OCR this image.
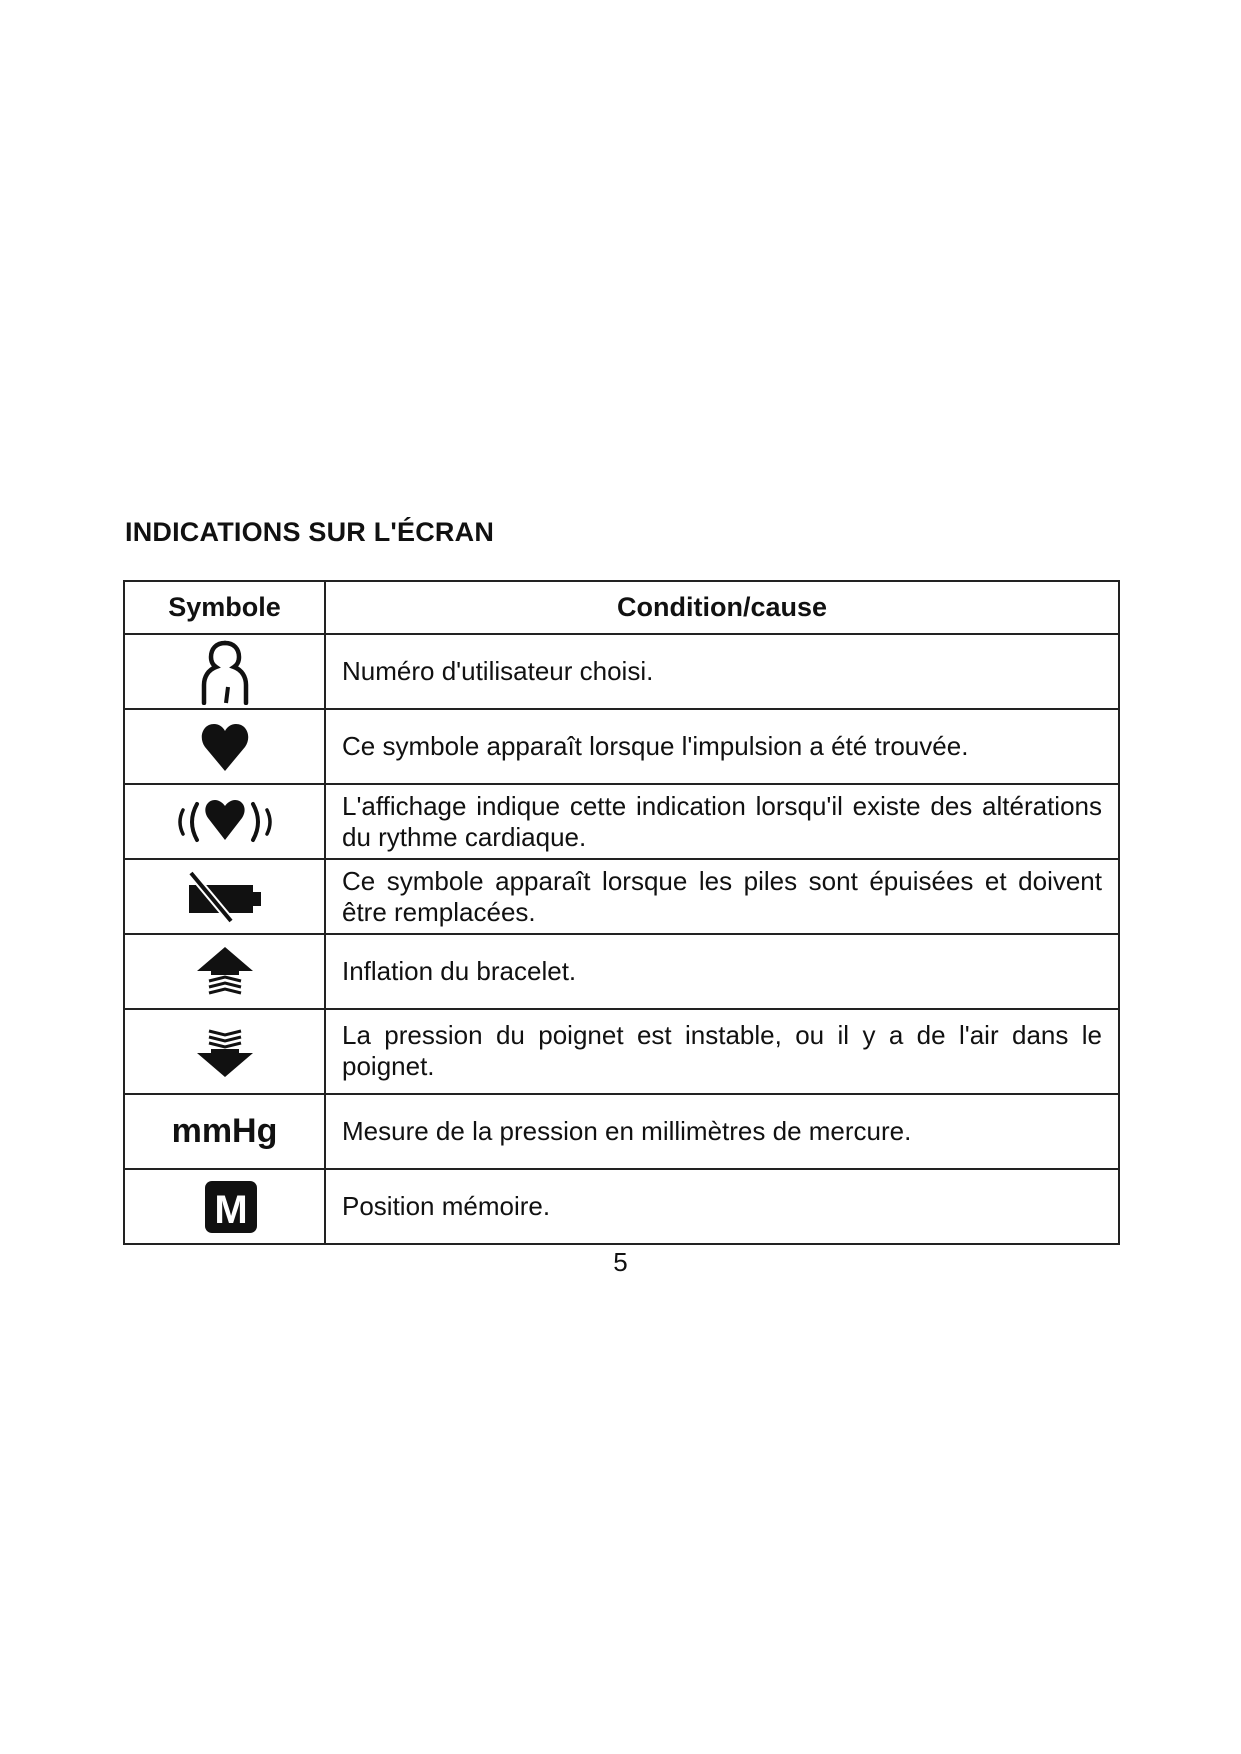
INDICATIONS SUR L'ÉCRAN
Symbole	Condition/cause
	Numéro d'utilisateur choisi.
	Ce symbole apparaît lorsque l'impulsion a été trouvée.
	L'affichage indique cette indication lorsqu'il existe des altérations du rythme cardiaque.
	Ce symbole apparaît lorsque les piles sont épuisées et doivent être remplacées.
	Inflation du bracelet.
	La pression du poignet est instable, ou il y a de l'air dans le poignet.
mmHg	Mesure de la pression en millimètres de mercure.

M	Position mémoire.
5
